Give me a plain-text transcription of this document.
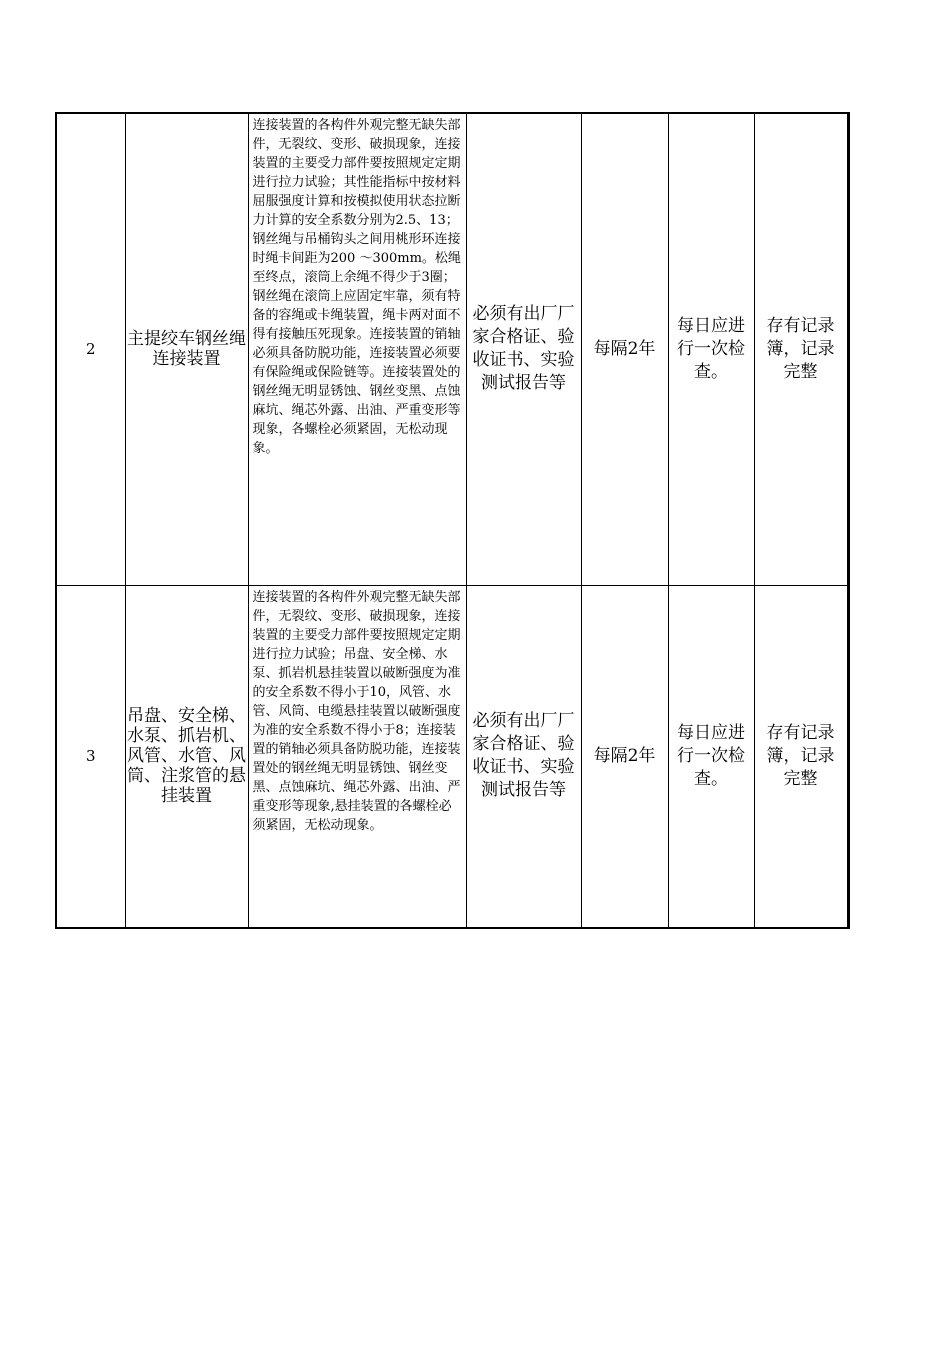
2	主提绞车钢丝绳连接装置	连接装置的各构件外观完整无缺失部件，无裂纹、变形、破损现象，连接装置的主要受力部件要按照规定定期进行拉力试验；其性能指标中按材料屈服强度计算和按模拟使用状态拉断力计算的安全系数分别为2.5、13；钢丝绳与吊桶钩头之间用桃形环连接时绳卡间距为200 ～300mm。松绳至终点，滚筒上余绳不得少于3圈；钢丝绳在滚筒上应固定牢靠，须有特备的容绳或卡绳装置，绳卡两对面不得有接触压死现象。连接装置的销轴必须具备防脱功能，连接装置必须要有保险绳或保险链等。连接装置处的钢丝绳无明显锈蚀、钢丝变黑、点蚀麻坑、绳芯外露、出油、严重变形等现象，各螺栓必须紧固，无松动现象。	必须有出厂厂家合格证、验收证书、实验测试报告等	每隔2年	每日应进行一次检查。	存有记录簿，记录完整
3	吊盘、安全梯、水泵、抓岩机、风管、水管、风筒、注浆管的悬挂装置	连接装置的各构件外观完整无缺失部件，无裂纹、变形、破损现象，连接装置的主要受力部件要按照规定定期进行拉力试验；吊盘、安全梯、水泵、抓岩机悬挂装置以破断强度为准的安全系数不得小于10，风管、水管、风筒、电缆悬挂装置以破断强度为准的安全系数不得小于8；连接装置的销轴必须具备防脱功能，连接装置处的钢丝绳无明显锈蚀、钢丝变黑、点蚀麻坑、绳芯外露、出油、严重变形等现象,悬挂装置的各螺栓必须紧固，无松动现象。	必须有出厂厂家合格证、验收证书、实验测试报告等	每隔2年	每日应进行一次检查。	存有记录簿，记录完整
